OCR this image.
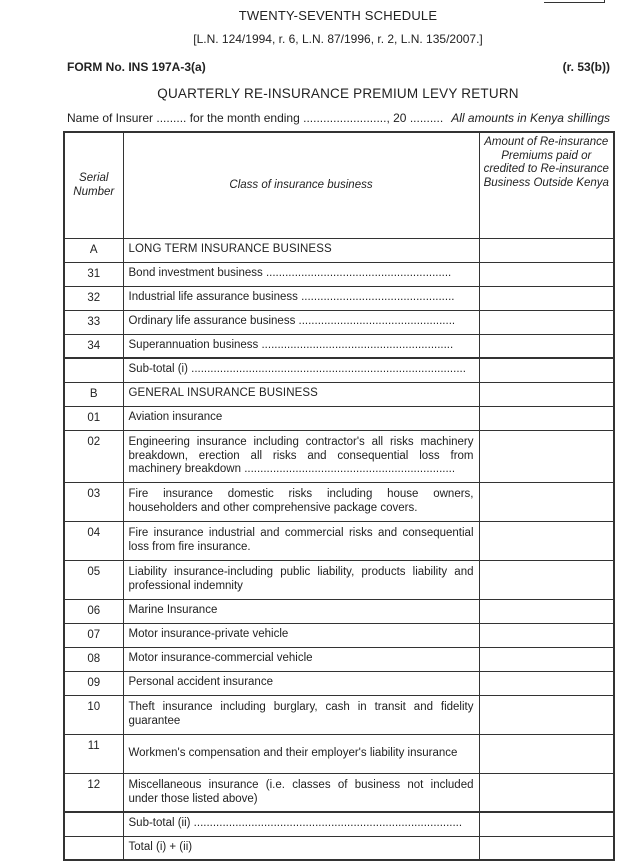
TWENTY-SEVENTH SCHEDULE
[L.N. 124/1994, r. 6, L.N. 87/1996, r. 2, L.N. 135/2007.]
FORM No. INS 197A-3(a)	(r. 53(b))
QUARTERLY RE-INSURANCE PREMIUM LEVY RETURN
Name of Insurer ......... for the month ending ........................., 20 .......... All amounts in Kenya shillings
Serial Number	Class of insurance business	Amount of Re-insurance Premiums paid or credited to Re-insurance Business Outside Kenya
A	LONG TERM INSURANCE BUSINESS	
31	Bond investment business ..........................................................	
32	Industrial life assurance business ................................................	
33	Ordinary life assurance business .................................................	
34	Superannuation business ............................................................	
	Sub-total (i) ......................................................................................	
B	GENERAL INSURANCE BUSINESS	
01	Aviation insurance	
02	Engineering insurance including contractor's all risks machinery breakdown, erection all risks and consequential loss from machinery breakdown ..................................................................	
03	Fire insurance domestic risks including house owners, householders and other comprehensive package covers.	
04	Fire insurance industrial and commercial risks and consequential loss from fire insurance.	
05	Liability insurance-including public liability, products liability and professional indemnity	
06	Marine Insurance	
07	Motor insurance-private vehicle	
08	Motor insurance-commercial vehicle	
09	Personal accident insurance	
10	Theft insurance including burglary, cash in transit and fidelity guarantee	
11	Workmen's compensation and their employer's liability insurance	
12	Miscellaneous insurance (i.e. classes of business not included under those listed above)	
	Sub-total (ii) ....................................................................................	
	Total (i) + (ii)	
